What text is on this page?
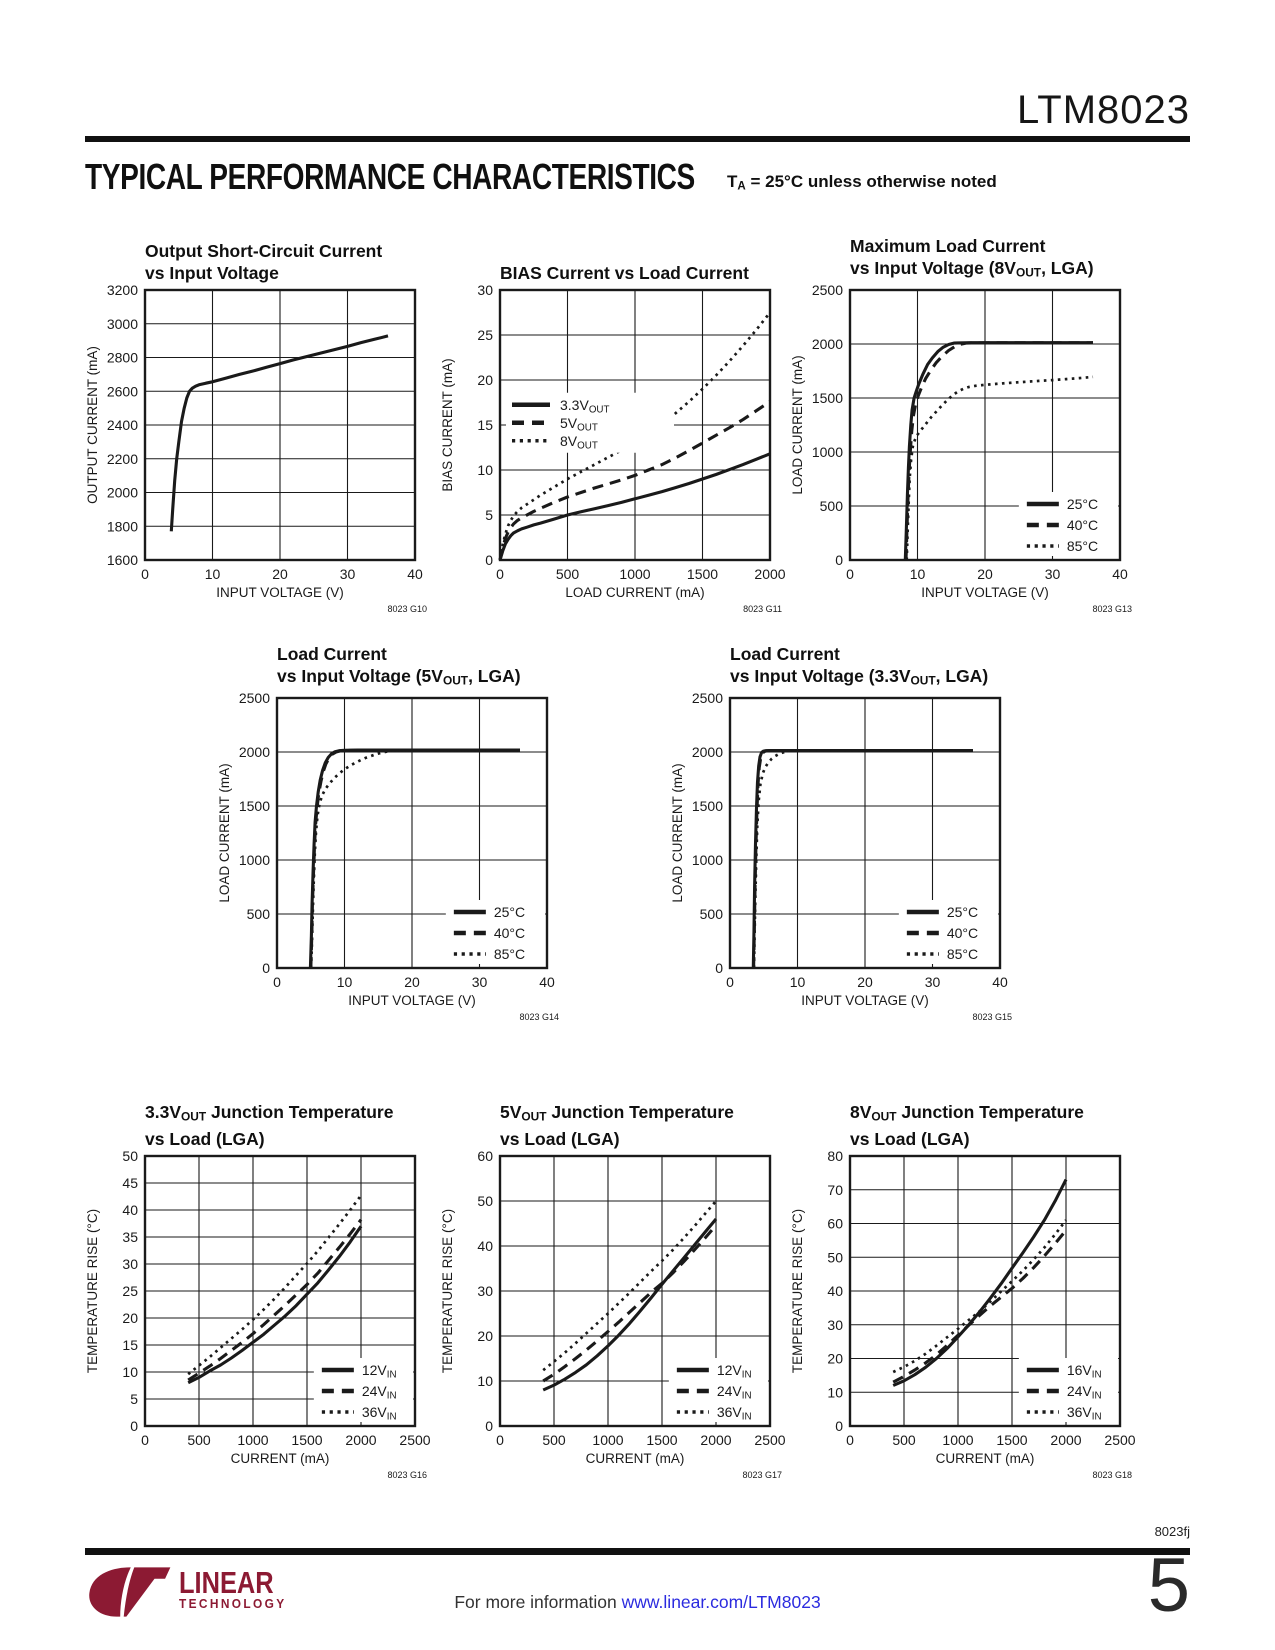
LTM8023
TYPICAL PERFORMANCE CHARACTERISTICS TA = 25°C unless otherwise noted
Output Short-Circuit Current
vs Input Voltage
0	10	20	30	40
1600
1800
2000
2200
2400
2600
2800
3000
3200
INPUT VOLTAGE (V)
OUTPUT CURRENT (mA)
8023 G10
BIAS Current vs Load Current
3.3VOUT
5VOUT
8VOUT
0	500	1000	1500	2000
0
5
10
15
20
25
30
LOAD CURRENT (mA)
BIAS CURRENT (mA)
8023 G11
Maximum Load Current
vs Input Voltage (8VOUT, LGA)
25°C
40°C
85°C
0	10	20	30	40
0
500
1000
1500
2000
2500
INPUT VOLTAGE (V)
LOAD CURRENT (mA)
8023 G13
Load Current
vs Input Voltage (5VOUT, LGA)
25°C
40°C
85°C
0	10	20	30	40
0
500
1000
1500
2000
2500
INPUT VOLTAGE (V)
LOAD CURRENT (mA)
8023 G14
Load Current
vs Input Voltage (3.3VOUT, LGA)
25°C
40°C
85°C
0	10	20	30	40
0
500
1000
1500
2000
2500
INPUT VOLTAGE (V)
LOAD CURRENT (mA)
8023 G15
3.3VOUT Junction Temperature
vs Load (LGA)
12VIN
24VIN
36VIN
0	500 1000 1500 2000 2500
0
5
10
15
20
25
30
35
40
45
50
CURRENT (mA)
TEMPERATURE RISE (°C)
8023 G16
5VOUT Junction Temperature
vs Load (LGA)
12VIN
24VIN
36VIN
0	500 1000 1500 2000 2500
0
10
20
30
40
50
60
CURRENT (mA)
TEMPERATURE RISE (°C)
8023 G17
8VOUT Junction Temperature
vs Load (LGA)
16VIN
24VIN
36VIN
0	500 1000 1500 2000 2500
0
10
20
30
40
50
60
70
80
CURRENT (mA)
TEMPERATURE RISE (°C)
8023 G18
8023fj
LINEAR
TECHNOLOGY	For more information www.linear.com/LTM8023	5
